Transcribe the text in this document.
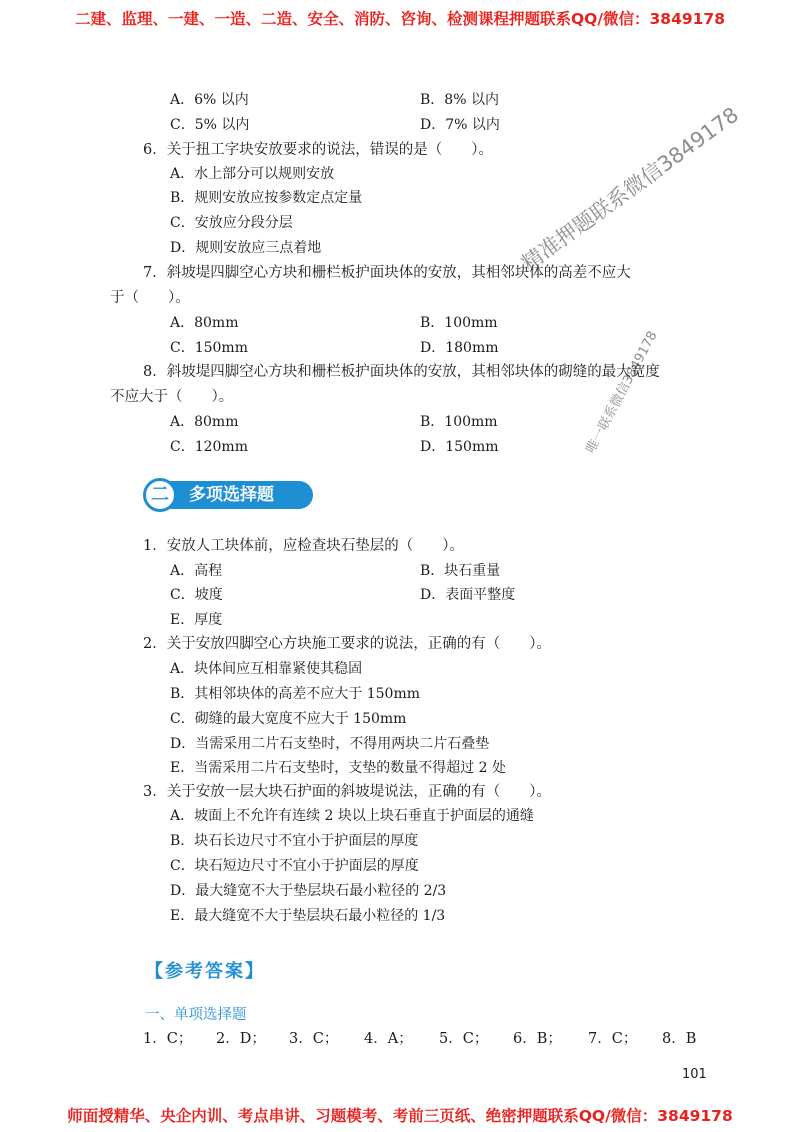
二建、监理、一建、一造、二造、安全、消防、咨询、检测课程押题联系QQ/微信：3849178
精准押题联系微信3849178
唯一联系微信3849178
A．6% 以内	B．8% 以内
C．5% 以内	D．7% 以内
6．关于扭工字块安放要求的说法，错误的是（　　）。
A．水上部分可以规则安放
B．规则安放应按参数定点定量
C．安放应分段分层
D．规则安放应三点着地
7．斜坡堤四脚空心方块和栅栏板护面块体的安放，其相邻块体的高差不应大
于（　　）。
A．80mm	B．100mm
C．150mm	D．180mm
8．斜坡堤四脚空心方块和栅栏板护面块体的安放，其相邻块体的砌缝的最大宽度
不应大于（　　）。
A．80mm	B．100mm
C．120mm	D．150mm
二	多项选择题
1．安放人工块体前，应检查块石垫层的（　　）。
A．高程	B．块石重量
C．坡度	D．表面平整度
E．厚度
2．关于安放四脚空心方块施工要求的说法，正确的有（　　）。
A．块体间应互相靠紧使其稳固
B．其相邻块体的高差不应大于 150mm
C．砌缝的最大宽度不应大于 150mm
D．当需采用二片石支垫时，不得用两块二片石叠垫
E．当需采用二片石支垫时，支垫的数量不得超过 2 处
3．关于安放一层大块石护面的斜坡堤说法，正确的有（　　）。
A．坡面上不允许有连续 2 块以上块石垂直于护面层的通缝
B．块石长边尺寸不宜小于护面层的厚度
C．块石短边尺寸不宜小于护面层的厚度
D．最大缝宽不大于垫层块石最小粒径的 2/3
E．最大缝宽不大于垫层块石最小粒径的 1/3
【参考答案】
一、单项选择题
1．C； 2．D； 3．C； 4．A； 5．C； 6．B； 7．C； 8．B
101
师面授精华、央企内训、考点串讲、习题模考、考前三页纸、绝密押题联系QQ/微信：3849178
